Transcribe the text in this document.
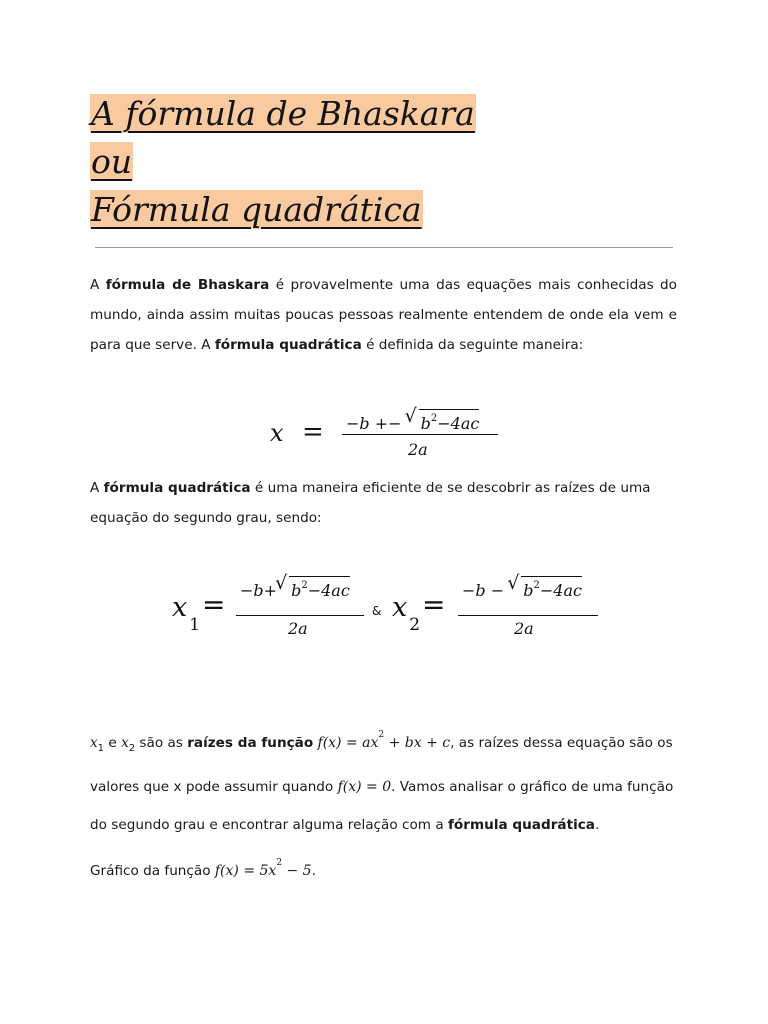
A fórmula de Bhaskara
ou
Fórmula quadrática

A fórmula de Bhaskara é provavelmente uma das equações mais conhecidas do mundo, ainda assim muitas poucas pessoas realmente entendem de onde ela vem e para que serve. A fórmula quadrática é definida da seguinte maneira:

x = −b +− √ $b^2-4ac$
2a

A fórmula quadrática é uma maneira eficiente de se descobrir as raízes de uma equação do segundo grau, sendo:

$x_1$
= −b+√ $b^2-4ac$
2a
& $x_2$
= −b − √ $b^2-4ac$
2a

$x_1$ e $x_2$ são as raízes da função $f(x) = ax^2$ + bx + c, as raízes dessa equação são os valores que x pode assumir quando f(x) = 0. Vamos analisar o gráfico de uma função do segundo grau e encontrar alguma relação com a fórmula quadrática.
Gráfico da função $f(x) = 5x^2 - 5$.
